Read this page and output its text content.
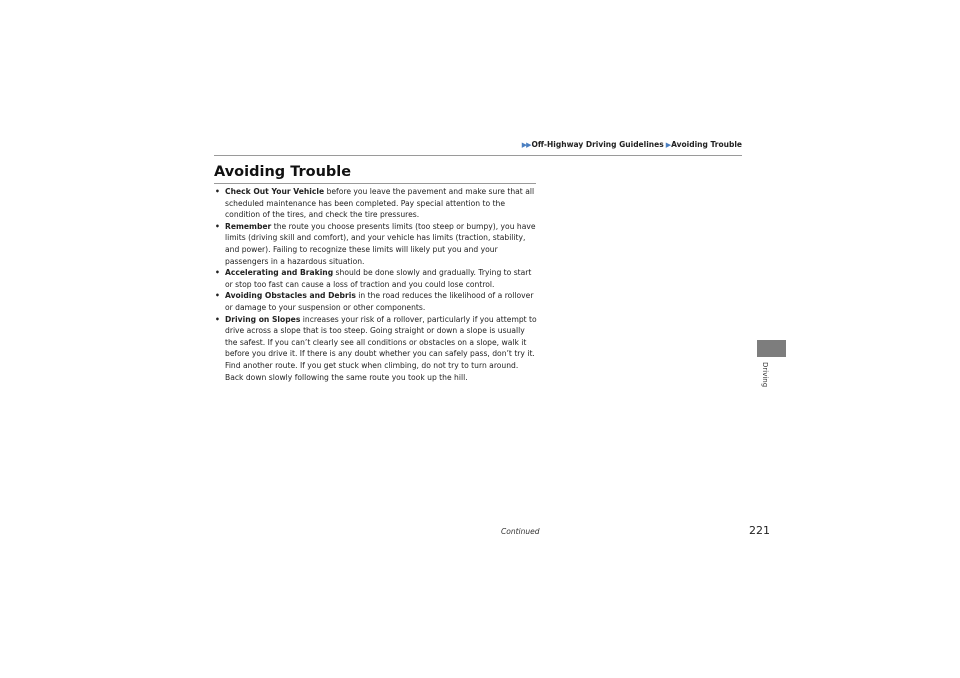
▶▶ Off-Highway Driving Guidelines ▶ Avoiding Trouble
Avoiding Trouble
• Check Out Your Vehicle before you leave the pavement and make sure that all scheduled maintenance has been completed. Pay special attention to the condition of the tires, and check the tire pressures.
• Remember the route you choose presents limits (too steep or bumpy), you have limits (driving skill and comfort), and your vehicle has limits (traction, stability, and power). Failing to recognize these limits will likely put you and your passengers in a hazardous situation.
• Accelerating and Braking should be done slowly and gradually. Trying to start or stop too fast can cause a loss of traction and you could lose control.
• Avoiding Obstacles and Debris in the road reduces the likelihood of a rollover or damage to your suspension or other components.
• Driving on Slopes increases your risk of a rollover, particularly if you attempt to drive across a slope that is too steep. Going straight or down a slope is usually the safest. If you can’t clearly see all conditions or obstacles on a slope, walk it before you drive it. If there is any doubt whether you can safely pass, don’t try it. Find another route. If you get stuck when climbing, do not try to turn around. Back down slowly following the same route you took up the hill.	Driving
Continued	221
